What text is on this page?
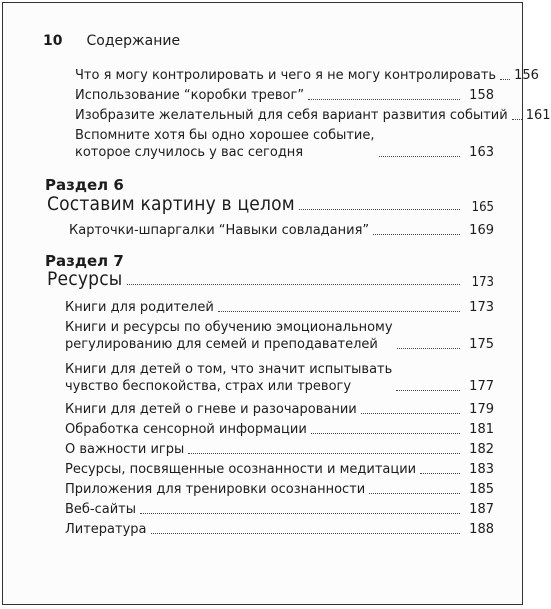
10 Содержание
Что я могу контролировать и чего я не могу контролировать 156
Использование “коробки тревог”	158
Изобразите желательный для себя вариант развития событий 161
Вспомните хотя бы одно хорошее событие,
которое случилось у вас сегодня	163
Раздел 6
Составим картину в целом	165
Карточки-шпаргалки “Навыки совладания”	169
Раздел 7
Ресурсы	173
Книги для родителей	173
Книги и ресурсы по обучению эмоциональному
регулированию для семей и преподавателей	175
Книги для детей о том, что значит испытывать
чувство беспокойства, страх или тревогу	177
Книги для детей о гневе и разочаровании	179
Обработка сенсорной информации	181
О важности игры	182
Ресурсы, посвященные осознанности и медитации	183
Приложения для тренировки осознанности	185
Веб-сайты	187
Литература	188
